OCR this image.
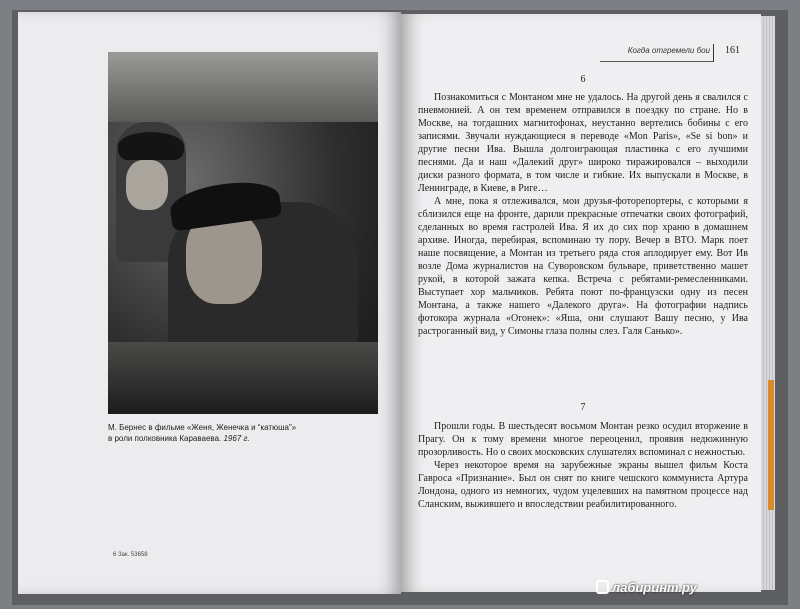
М. Бернес в фильме «Женя, Женечка и “катюша”»
в роли полковника Караваева. 1967 г.
6 Зак. 53658
Когда отгремели бои 161
6

Познакомиться с Монтаном мне не удалось. На другой день я свалился с пневмонией. А он тем временем отправился в поездку по стране. Но в Москве, на тогдашних магнитофонах, неустанно вертелись бобины с его записями. Звучали нуждающиеся в переводе «Mon Paris», «Se si bon» и другие песни Ива. Вышла долгоиграющая пластинка с его лучшими песнями. Да и наш «Далекий друг» широко тиражировался – выходили диски разного формата, в том числе и гибкие. Их выпускали в Москве, в Ленинграде, в Киеве, в Риге…

А мне, пока я отлеживался, мои друзья-фоторепортеры, с которыми я сблизился еще на фронте, дарили прекрасные отпечатки своих фотографий, сделанных во время гастролей Ива. Я их до сих пор храню в домашнем архиве. Иногда, перебирая, вспоминаю ту пору. Вечер в ВТО. Марк поет наше посвящение, а Монтан из третьего ряда стоя аплодирует ему. Вот Ив возле Дома журналистов на Суворовском бульваре, приветственно машет рукой, в которой зажата кепка. Встреча с ребятами-ремесленниками. Выступает хор мальчиков. Ребята поют по-французски одну из песен Монтана, а также нашего «Далекого друга». На фотографии надпись фотокора журнала «Огонек»: «Яша, они слушают Вашу песню, у Ива растроганный вид, у Симоны глаза полны слез. Галя Санько».

7

Прошли годы. В шестьдесят восьмом Монтан резко осудил вторжение в Прагу. Он к тому времени многое переоценил, проявив недюжинную прозорливость. Но о своих московских слушателях вспоминал с нежностью.

Через некоторое время на зарубежные экраны вышел фильм Коста Гавроса «Признание». Был он снят по книге чешского коммуниста Артура Лондона, одного из немногих, чудом уцелевших на памятном процессе над Сланским, выжившего и впоследствии реабилитированного.

лабиринт.ру
